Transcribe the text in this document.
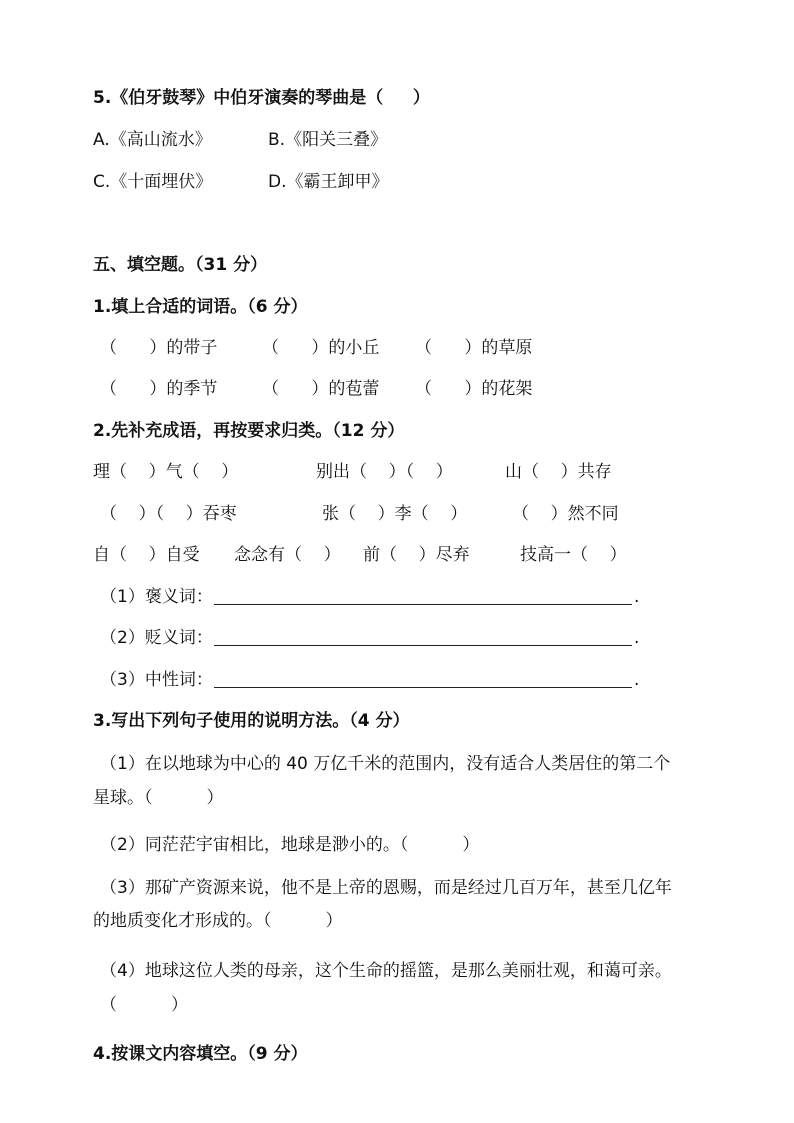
5.《伯牙鼓琴》中伯牙演奏的琴曲是（     ）
A.《高山流水》	B.《阳关三叠》
C.《十面埋伏》	D.《霸王卸甲》
五、填空题。（31 分）
1.填上合适的词语。（6 分）
（      ）的带子	（      ）的小丘 （      ）的草原
（      ）的季节	（      ）的苞蕾 （      ）的花架
2.先补充成语，再按要求归类。（12 分）
理（    ）气（    ）	别出（    ）（    ）	山（    ）共存
（    ）（    ）吞枣	张（    ）李（    ）	（    ）然不同
自（    ）自受 念念有（    ） 前（    ）尽弃	技高一（    ）
（1）褒义词：	.
（2）贬义词：	.
（3）中性词：	.
3.写出下列句子使用的说明方法。（4 分）
（1）在以地球为中心的 40 万亿千米的范围内，没有适合人类居住的第二个
星球。（          ）
（2）同茫茫宇宙相比，地球是渺小的。（          ）
（3）那矿产资源来说，他不是上帝的恩赐，而是经过几百万年，甚至几亿年
的地质变化才形成的。（          ）
（4）地球这位人类的母亲，这个生命的摇篮，是那么美丽壮观，和蔼可亲。
（          ）
4.按课文内容填空。（9 分）
